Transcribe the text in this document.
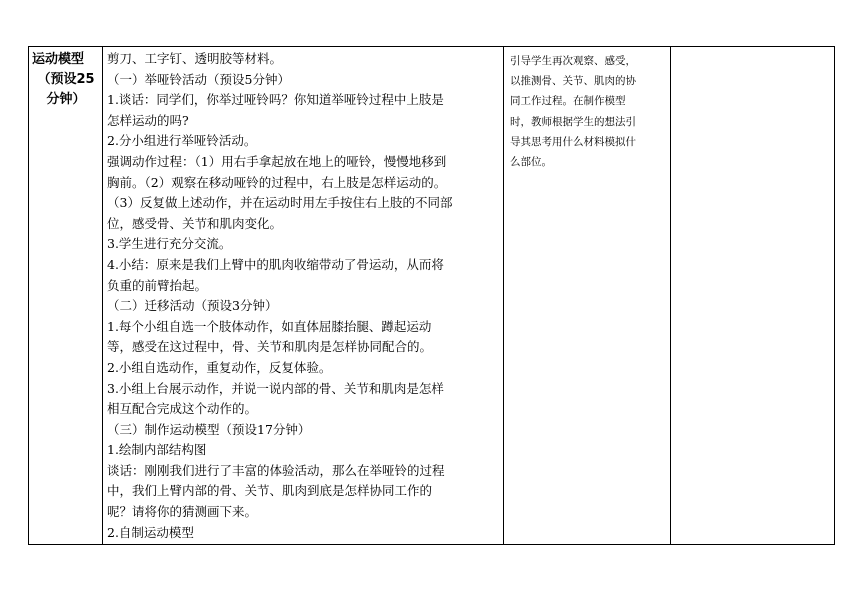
运动模型
（预设25
分钟）

剪刀、工字钉、透明胶等材料。
（一）举哑铃活动（预设5分钟）
1.谈话：同学们，你举过哑铃吗？你知道举哑铃过程中上肢是
怎样运动的吗?
2.分小组进行举哑铃活动。
强调动作过程：（1）用右手拿起放在地上的哑铃，慢慢地移到
胸前。（2）观察在移动哑铃的过程中，右上肢是怎样运动的。
（3）反复做上述动作，并在运动时用左手按住右上肢的不同部
位，感受骨、关节和肌肉变化。
3.学生进行充分交流。
4.小结：原来是我们上臂中的肌肉收缩带动了骨运动，从而将
负重的前臂抬起。
（二）迁移活动（预设3分钟）
1.每个小组自选一个肢体动作，如直体屈膝抬腿、蹲起运动
等，感受在这过程中，骨、关节和肌肉是怎样协同配合的。
2.小组自选动作，重复动作，反复体验。
3.小组上台展示动作，并说一说内部的骨、关节和肌肉是怎样
相互配合完成这个动作的。
（三）制作运动模型（预设17分钟）
1.绘制内部结构图
谈话：刚刚我们进行了丰富的体验活动，那么在举哑铃的过程
中，我们上臂内部的骨、关节、肌肉到底是怎样协同工作的
呢？请将你的猜测画下来。
2.自制运动模型

引导学生再次观察、感受，
以推测骨、关节、肌肉的协
同工作过程。在制作模型
时，教师根据学生的想法引
导其思考用什么材料模拟什
么部位。
